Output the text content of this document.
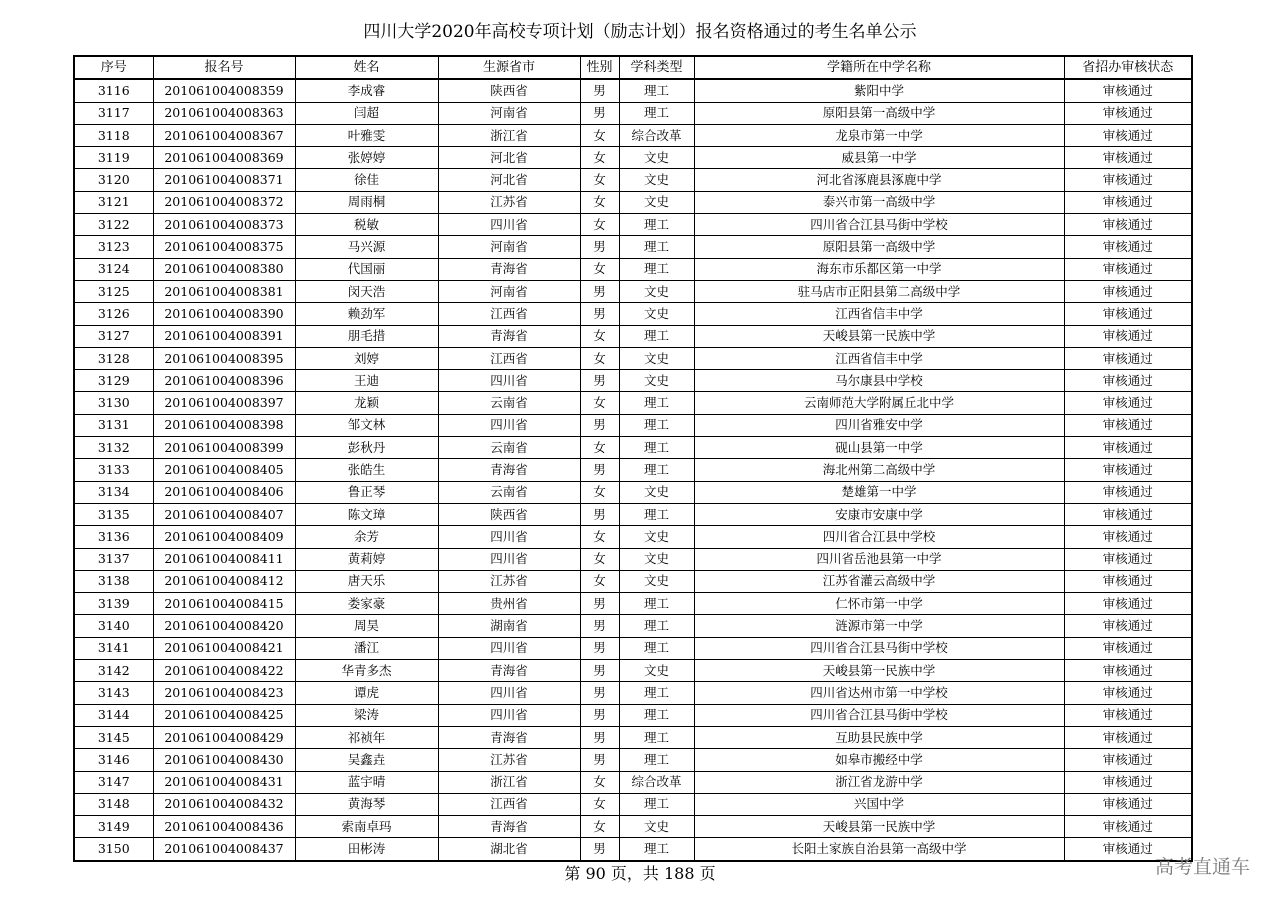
四川大学2020年高校专项计划（励志计划）报名资格通过的考生名单公示
序号	报名号	姓名	生源省市	性别	学科类型	学籍所在中学名称	省招办审核状态
3116	201061004008359	李成睿	陕西省	男	理工	紫阳中学	审核通过
3117	201061004008363	闫超	河南省	男	理工	原阳县第一高级中学	审核通过
3118	201061004008367	叶雅雯	浙江省	女	综合改革	龙泉市第一中学	审核通过
3119	201061004008369	张婷婷	河北省	女	文史	威县第一中学	审核通过
3120	201061004008371	徐佳	河北省	女	文史	河北省涿鹿县涿鹿中学	审核通过
3121	201061004008372	周雨桐	江苏省	女	文史	泰兴市第一高级中学	审核通过
3122	201061004008373	税敏	四川省	女	理工	四川省合江县马街中学校	审核通过
3123	201061004008375	马兴源	河南省	男	理工	原阳县第一高级中学	审核通过
3124	201061004008380	代国丽	青海省	女	理工	海东市乐都区第一中学	审核通过
3125	201061004008381	闵天浩	河南省	男	文史	驻马店市正阳县第二高级中学	审核通过
3126	201061004008390	赖劲军	江西省	男	文史	江西省信丰中学	审核通过
3127	201061004008391	朋毛措	青海省	女	理工	天峻县第一民族中学	审核通过
3128	201061004008395	刘婷	江西省	女	文史	江西省信丰中学	审核通过
3129	201061004008396	王迪	四川省	男	文史	马尔康县中学校	审核通过
3130	201061004008397	龙颖	云南省	女	理工	云南师范大学附属丘北中学	审核通过
3131	201061004008398	邹文林	四川省	男	理工	四川省雅安中学	审核通过
3132	201061004008399	彭秋丹	云南省	女	理工	砚山县第一中学	审核通过
3133	201061004008405	张皓生	青海省	男	理工	海北州第二高级中学	审核通过
3134	201061004008406	鲁正琴	云南省	女	文史	楚雄第一中学	审核通过
3135	201061004008407	陈文璋	陕西省	男	理工	安康市安康中学	审核通过
3136	201061004008409	余芳	四川省	女	文史	四川省合江县中学校	审核通过
3137	201061004008411	黄莉婷	四川省	女	文史	四川省岳池县第一中学	审核通过
3138	201061004008412	唐天乐	江苏省	女	文史	江苏省灌云高级中学	审核通过
3139	201061004008415	娄家豪	贵州省	男	理工	仁怀市第一中学	审核通过
3140	201061004008420	周昊	湖南省	男	理工	涟源市第一中学	审核通过
3141	201061004008421	潘江	四川省	男	理工	四川省合江县马街中学校	审核通过
3142	201061004008422	华青多杰	青海省	男	文史	天峻县第一民族中学	审核通过
3143	201061004008423	谭虎	四川省	男	理工	四川省达州市第一中学校	审核通过
3144	201061004008425	梁涛	四川省	男	理工	四川省合江县马街中学校	审核通过
3145	201061004008429	祁祯年	青海省	男	理工	互助县民族中学	审核通过
3146	201061004008430	吴鑫垚	江苏省	男	理工	如皋市搬经中学	审核通过
3147	201061004008431	蓝宇晴	浙江省	女	综合改革	浙江省龙游中学	审核通过
3148	201061004008432	黄海琴	江西省	女	理工	兴国中学	审核通过
3149	201061004008436	索南卓玛	青海省	女	文史	天峻县第一民族中学	审核通过
3150	201061004008437	田彬涛	湖北省	男	理工	长阳土家族自治县第一高级中学	审核通过
第 90 页，共 188 页	高考直通车
